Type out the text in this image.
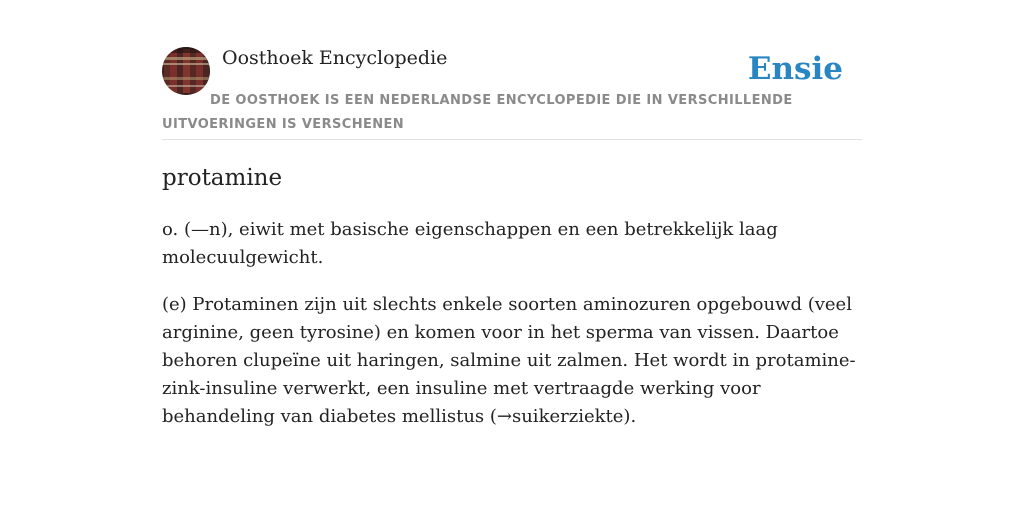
Oosthoek Encyclopedie	Ensie
DE OOSTHOEK IS EEN NEDERLANDSE ENCYCLOPEDIE DIE IN VERSCHILLENDE UITVOERINGEN IS VERSCHENEN
protamine

o. (—n), eiwit met basische eigenschappen en een betrekkelijk laag molecuulgewicht.

(e) Protaminen zijn uit slechts enkele soorten aminozuren opgebouwd (veel arginine, geen tyrosine) en komen voor in het sperma van vissen. Daartoe behoren clupeïne uit haringen, salmine uit zalmen. Het wordt in protamine-zink-insuline verwerkt, een insuline met vertraagde werking voor behandeling van diabetes mellistus (→suikerziekte).
